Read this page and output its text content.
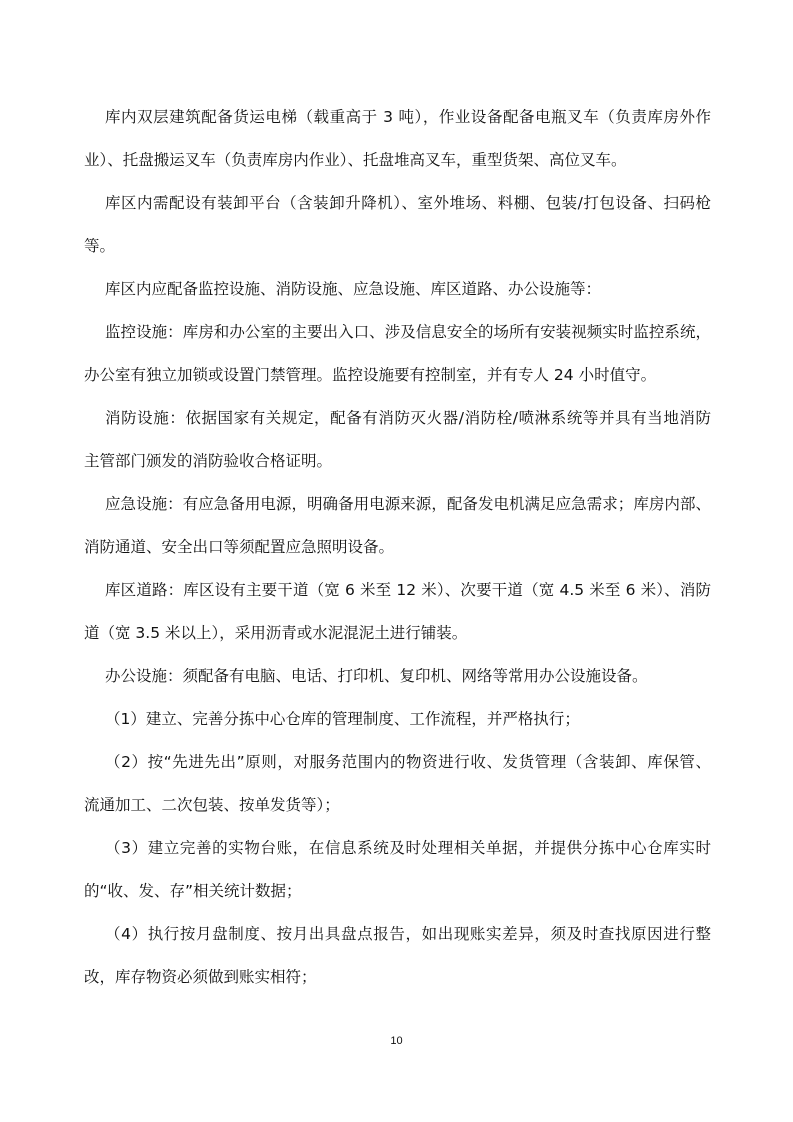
库内双层建筑配备货运电梯（载重高于 3 吨），作业设备配备电瓶叉车（负责库房外作
业）、托盘搬运叉车（负责库房内作业）、托盘堆高叉车，重型货架、高位叉车。
库区内需配设有装卸平台（含装卸升降机）、室外堆场、料棚、包装/打包设备、扫码枪
等。
库区内应配备监控设施、消防设施、应急设施、库区道路、办公设施等：
监控设施：库房和办公室的主要出入口、涉及信息安全的场所有安装视频实时监控系统，
办公室有独立加锁或设置门禁管理。监控设施要有控制室，并有专人 24 小时值守。
消防设施：依据国家有关规定，配备有消防灭火器/消防栓/喷淋系统等并具有当地消防
主管部门颁发的消防验收合格证明。
应急设施：有应急备用电源，明确备用电源来源，配备发电机满足应急需求；库房内部、
消防通道、安全出口等须配置应急照明设备。
库区道路：库区设有主要干道（宽 6 米至 12 米）、次要干道（宽 4.5 米至 6 米）、消防
道（宽 3.5 米以上），采用沥青或水泥混泥土进行铺装。
办公设施：须配备有电脑、电话、打印机、复印机、网络等常用办公设施设备。
（1）建立、完善分拣中心仓库的管理制度、工作流程，并严格执行；
（2）按“先进先出”原则，对服务范围内的物资进行收、发货管理（含装卸、库保管、
流通加工、二次包装、按单发货等）；
（3）建立完善的实物台账，在信息系统及时处理相关单据，并提供分拣中心仓库实时
的“收、发、存”相关统计数据；
（4）执行按月盘制度、按月出具盘点报告，如出现账实差异，须及时查找原因进行整
改，库存物资必须做到账实相符；
10
